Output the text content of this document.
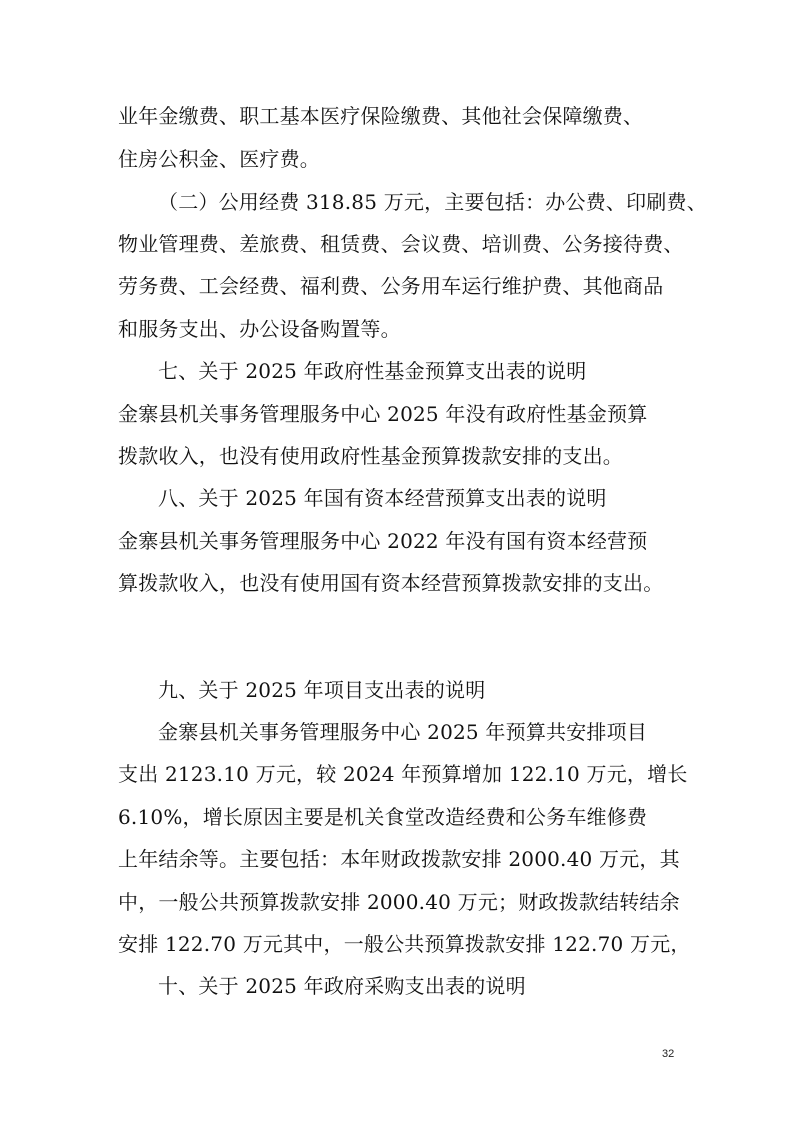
业年金缴费、职工基本医疗保险缴费、其他社会保障缴费、
住房公积金、医疗费。
（二）公用经费 318.85 万元，主要包括：办公费、印刷费、
物业管理费、差旅费、租赁费、会议费、培训费、公务接待费、
劳务费、工会经费、福利费、公务用车运行维护费、其他商品
和服务支出、办公设备购置等。
七、关于 2025 年政府性基金预算支出表的说明
金寨县机关事务管理服务中心 2025 年没有政府性基金预算
拨款收入，也没有使用政府性基金预算拨款安排的支出。
八、关于 2025 年国有资本经营预算支出表的说明
金寨县机关事务管理服务中心 2022 年没有国有资本经营预
算拨款收入，也没有使用国有资本经营预算拨款安排的支出。
九、关于 2025 年项目支出表的说明
金寨县机关事务管理服务中心 2025 年预算共安排项目
支出 2123.10 万元，较 2024 年预算增加 122.10 万元，增长
6.10%，增长原因主要是机关食堂改造经费和公务车维修费
上年结余等。主要包括：本年财政拨款安排 2000.40 万元，其
中，一般公共预算拨款安排 2000.40 万元；财政拨款结转结余
安排 122.70 万元其中，一般公共预算拨款安排 122.70 万元，
十、关于 2025 年政府采购支出表的说明
32
